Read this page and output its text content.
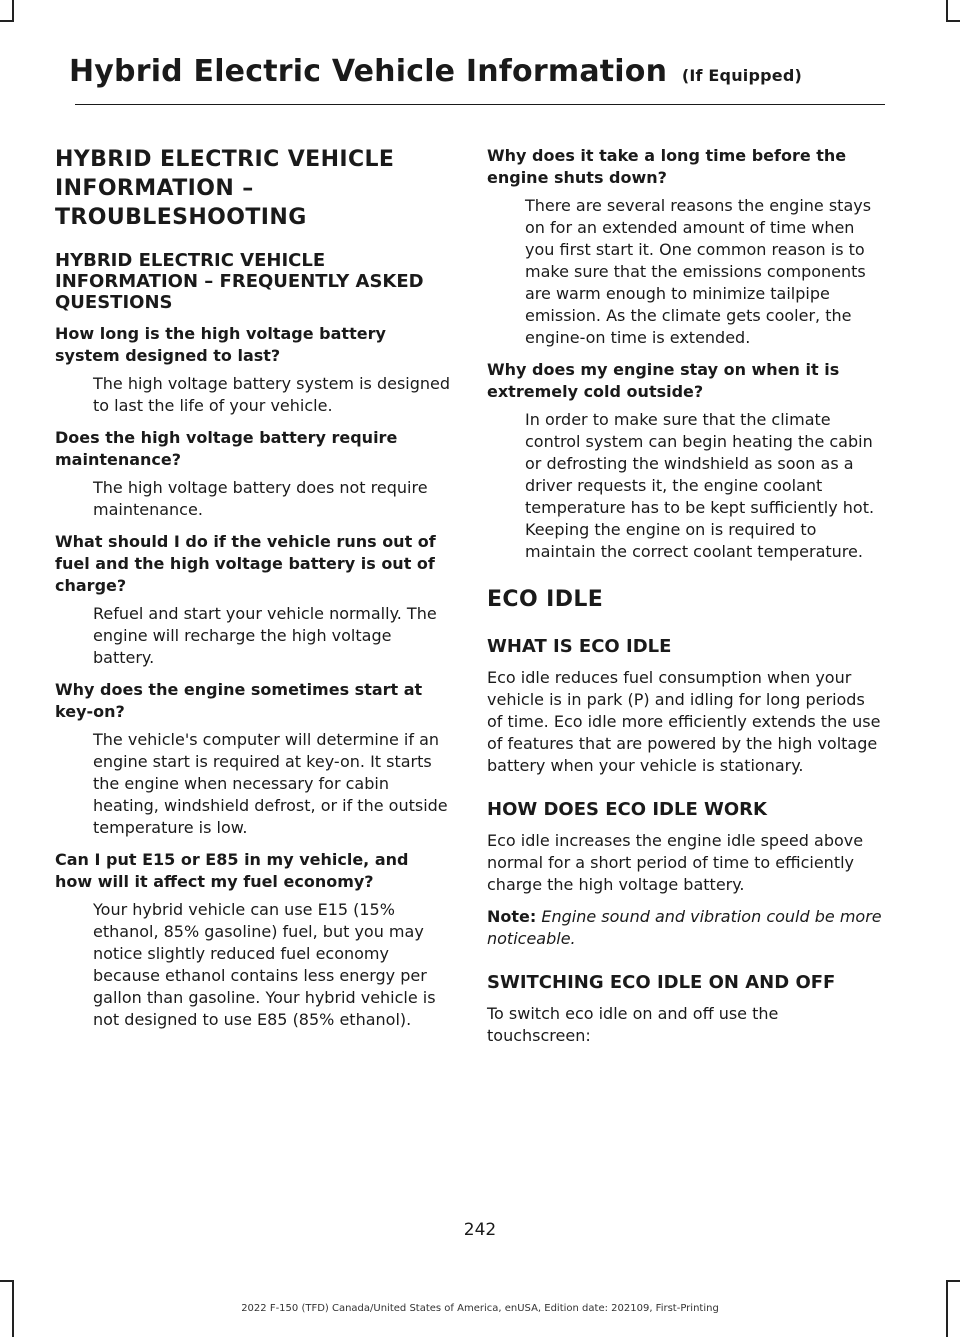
Hybrid Electric Vehicle Information (If Equipped)
HYBRID ELECTRIC VEHICLE INFORMATION – TROUBLESHOOTING
HYBRID ELECTRIC VEHICLE INFORMATION – FREQUENTLY ASKED QUESTIONS
How long is the high voltage battery system designed to last?
The high voltage battery system is designed to last the life of your vehicle.
Does the high voltage battery require maintenance?
The high voltage battery does not require maintenance.
What should I do if the vehicle runs out of fuel and the high voltage battery is out of charge?
Refuel and start your vehicle normally. The engine will recharge the high voltage battery.
Why does the engine sometimes start at key-on?
The vehicle's computer will determine if an engine start is required at key-on. It starts the engine when necessary for cabin heating, windshield defrost, or if the outside temperature is low.
Can I put E15 or E85 in my vehicle, and how will it affect my fuel economy?
Your hybrid vehicle can use E15 (15% ethanol, 85% gasoline) fuel, but you may notice slightly reduced fuel economy because ethanol contains less energy per gallon than gasoline. Your hybrid vehicle is not designed to use E85 (85% ethanol).
Why does it take a long time before the engine shuts down?
There are several reasons the engine stays on for an extended amount of time when you first start it. One common reason is to make sure that the emissions components are warm enough to minimize tailpipe emission. As the climate gets cooler, the engine-on time is extended.
Why does my engine stay on when it is extremely cold outside?
In order to make sure that the climate control system can begin heating the cabin or defrosting the windshield as soon as a driver requests it, the engine coolant temperature has to be kept sufficiently hot. Keeping the engine on is required to maintain the correct coolant temperature.
ECO IDLE
WHAT IS ECO IDLE
Eco idle reduces fuel consumption when your vehicle is in park (P) and idling for long periods of time. Eco idle more efficiently extends the use of features that are powered by the high voltage battery when your vehicle is stationary.
HOW DOES ECO IDLE WORK
Eco idle increases the engine idle speed above normal for a short period of time to efficiently charge the high voltage battery.
Note: Engine sound and vibration could be more noticeable.
SWITCHING ECO IDLE ON AND OFF
To switch eco idle on and off use the touchscreen:
242
2022 F-150 (TFD) Canada/United States of America, enUSA, Edition date: 202109, First-Printing
